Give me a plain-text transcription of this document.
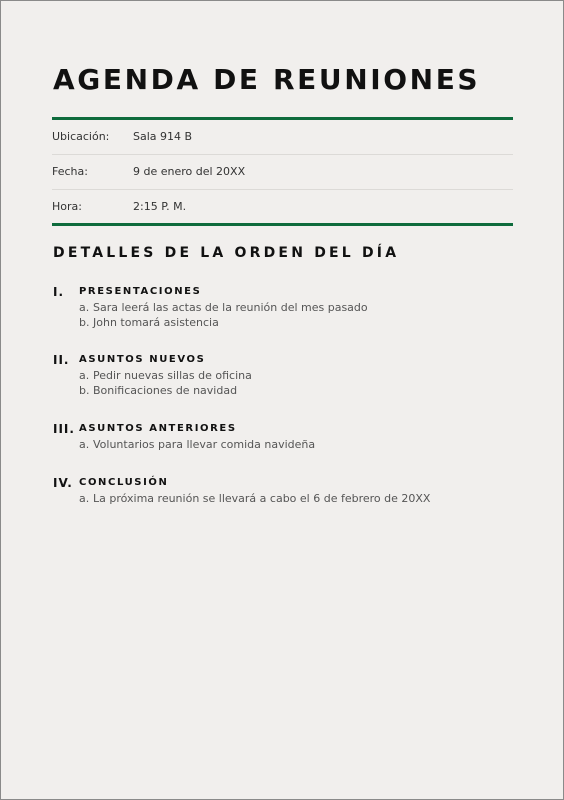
AGENDA DE REUNIONES
Ubicación: Sala 914 B
Fecha:	9 de enero del 20XX
Hora:	2:15 P. M.
DETALLES DE LA ORDEN DEL DÍA
I. PRESENTACIONES
a. Sara leerá las actas de la reunión del mes pasado
b. John tomará asistencia
II. ASUNTOS NUEVOS
a. Pedir nuevas sillas de oficina
b. Bonificaciones de navidad
III. ASUNTOS ANTERIORES
a. Voluntarios para llevar comida navideña
IV. CONCLUSIÓN
a. La próxima reunión se llevará a cabo el 6 de febrero de 20XX
